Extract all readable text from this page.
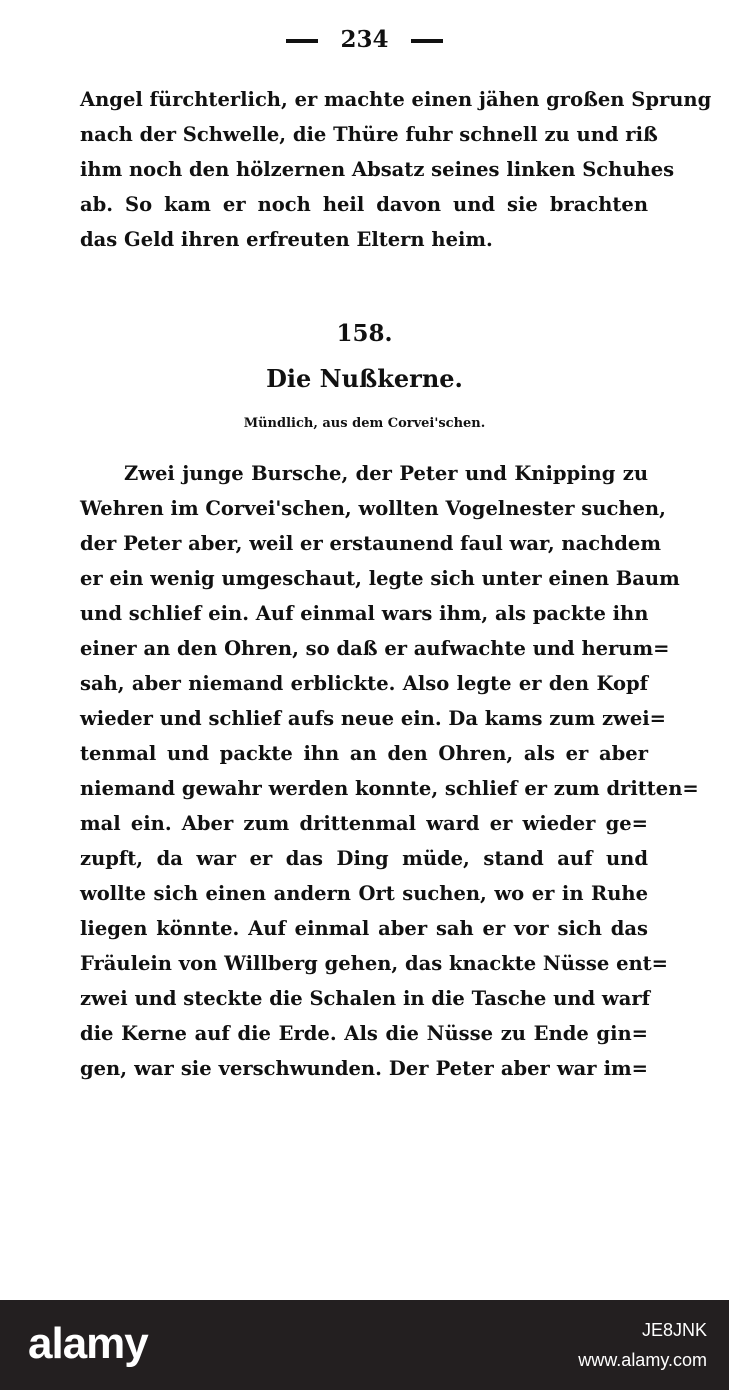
234
Angel fürchterlich, er machte einen jähen großen Sprung
nach der Schwelle, die Thüre fuhr schnell zu und riß
ihm noch den hölzernen Absatz seines linken Schuhes
ab. So kam er noch heil davon und sie brachten
das Geld ihren erfreuten Eltern heim.
158.
Die Nußkerne.
Mündlich, aus dem Corvei'schen.
Zwei junge Bursche, der Peter und Knipping zu
Wehren im Corvei'schen, wollten Vogelnester suchen,
der Peter aber, weil er erstaunend faul war, nachdem
er ein wenig umgeschaut, legte sich unter einen Baum
und schlief ein. Auf einmal wars ihm, als packte ihn
einer an den Ohren, so daß er aufwachte und herum=
sah, aber niemand erblickte. Also legte er den Kopf
wieder und schlief aufs neue ein. Da kams zum zwei=
tenmal und packte ihn an den Ohren, als er aber
niemand gewahr werden konnte, schlief er zum dritten=
mal ein. Aber zum drittenmal ward er wieder ge=
zupft, da war er das Ding müde, stand auf und
wollte sich einen andern Ort suchen, wo er in Ruhe
liegen könnte. Auf einmal aber sah er vor sich das
Fräulein von Willberg gehen, das knackte Nüsse ent=
zwei und steckte die Schalen in die Tasche und warf
die Kerne auf die Erde. Als die Nüsse zu Ende gin=
gen, war sie verschwunden. Der Peter aber war im=
alamy	JE8JNK
www.alamy.com
